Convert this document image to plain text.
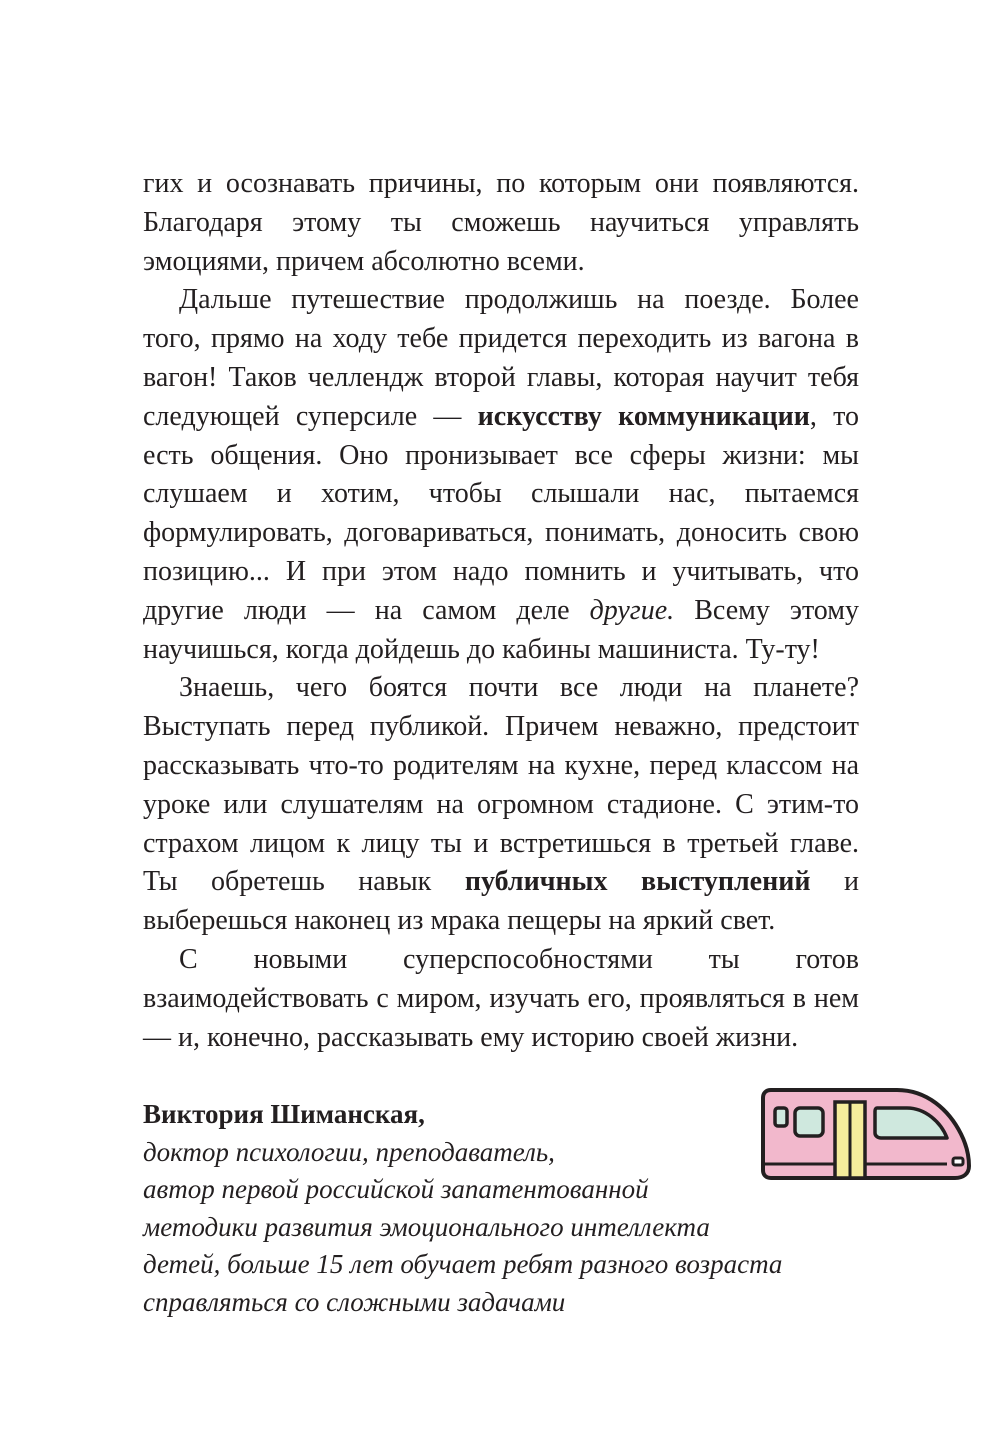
гих и осознавать причины, по которым они появляются. Благодаря этому ты сможешь научиться управлять эмоциями, причем абсолютно всеми.

Дальше путешествие продолжишь на поезде. Более того, прямо на ходу тебе придется переходить из вагона в вагон! Таков челлендж второй главы, которая научит тебя следующей суперсиле — искусству коммуникации, то есть общения. Оно пронизывает все сферы жизни: мы слушаем и хотим, чтобы слышали нас, пытаемся формулировать, договариваться, понимать, доносить свою позицию... И при этом надо помнить и учитывать, что другие люди — на самом деле другие. Всему этому научишься, когда дойдешь до кабины машиниста. Ту-ту!

Знаешь, чего боятся почти все люди на планете? Выступать перед публикой. Причем неважно, предстоит рассказывать что-то родителям на кухне, перед классом на уроке или слушателям на огромном стадионе. С этим-то страхом лицом к лицу ты и встретишься в третьей главе. Ты обретешь навык публичных выступлений и выберешься наконец из мрака пещеры на яркий свет.

С новыми суперспособностями ты готов взаимодействовать с миром, изучать его, проявляться в нем — и, конечно, рассказывать ему историю своей жизни.

Виктория Шиманская,
доктор психологии, преподаватель,
автор первой российской запатентованной
методики развития эмоционального интеллекта
детей, больше 15 лет обучает ребят разного возраста
справляться со сложными задачами
